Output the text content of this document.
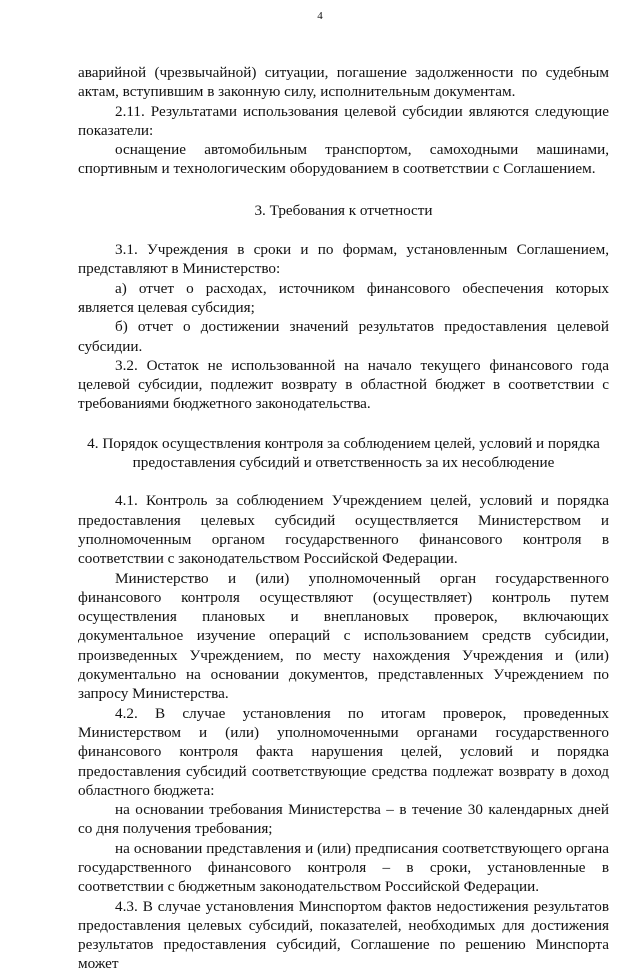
4

аварийной (чрезвычайной) ситуации, погашение задолженности по судебным актам, вступившим в законную силу, исполнительным документам.

2.11. Результатами использования целевой субсидии являются следующие показатели:

оснащение автомобильным транспортом, самоходными машинами, спортивным и технологическим оборудованием в соответствии с Соглашением.

3. Требования к отчетности

3.1. Учреждения в сроки и по формам, установленным Соглашением, представляют в Министерство:

а) отчет о расходах, источником финансового обеспечения которых является целевая субсидия;

б) отчет о достижении значений результатов предоставления целевой субсидии.

3.2. Остаток не использованной на начало текущего финансового года целевой субсидии, подлежит возврату в областной бюджет в соответствии с требованиями бюджетного законодательства.

4. Порядок осуществления контроля за соблюдением целей, условий и порядка предоставления субсидий и ответственность за их несоблюдение

4.1. Контроль за соблюдением Учреждением целей, условий и порядка предоставления целевых субсидий осуществляется Министерством и уполномоченным органом государственного финансового контроля в соответствии с законодательством Российской Федерации.

Министерство и (или) уполномоченный орган государственного финансового контроля осуществляют (осуществляет) контроль путем осуществления плановых и внеплановых проверок, включающих документальное изучение операций с использованием средств субсидии, произведенных Учреждением, по месту нахождения Учреждения и (или) документально на основании документов, представленных Учреждением по запросу Министерства.

4.2. В случае установления по итогам проверок, проведенных Министерством и (или) уполномоченными органами государственного финансового контроля факта нарушения целей, условий и порядка предоставления субсидий соответствующие средства подлежат возврату в доход областного бюджета:

на основании требования Министерства – в течение 30 календарных дней со дня получения требования;

на основании представления и (или) предписания соответствующего органа государственного финансового контроля – в сроки, установленные в соответствии с бюджетным законодательством Российской Федерации.

4.3. В случае установления Минспортом фактов недостижения результатов предоставления целевых субсидий, показателей, необходимых для достижения результатов предоставления субсидий, Соглашение по решению Минспорта может
